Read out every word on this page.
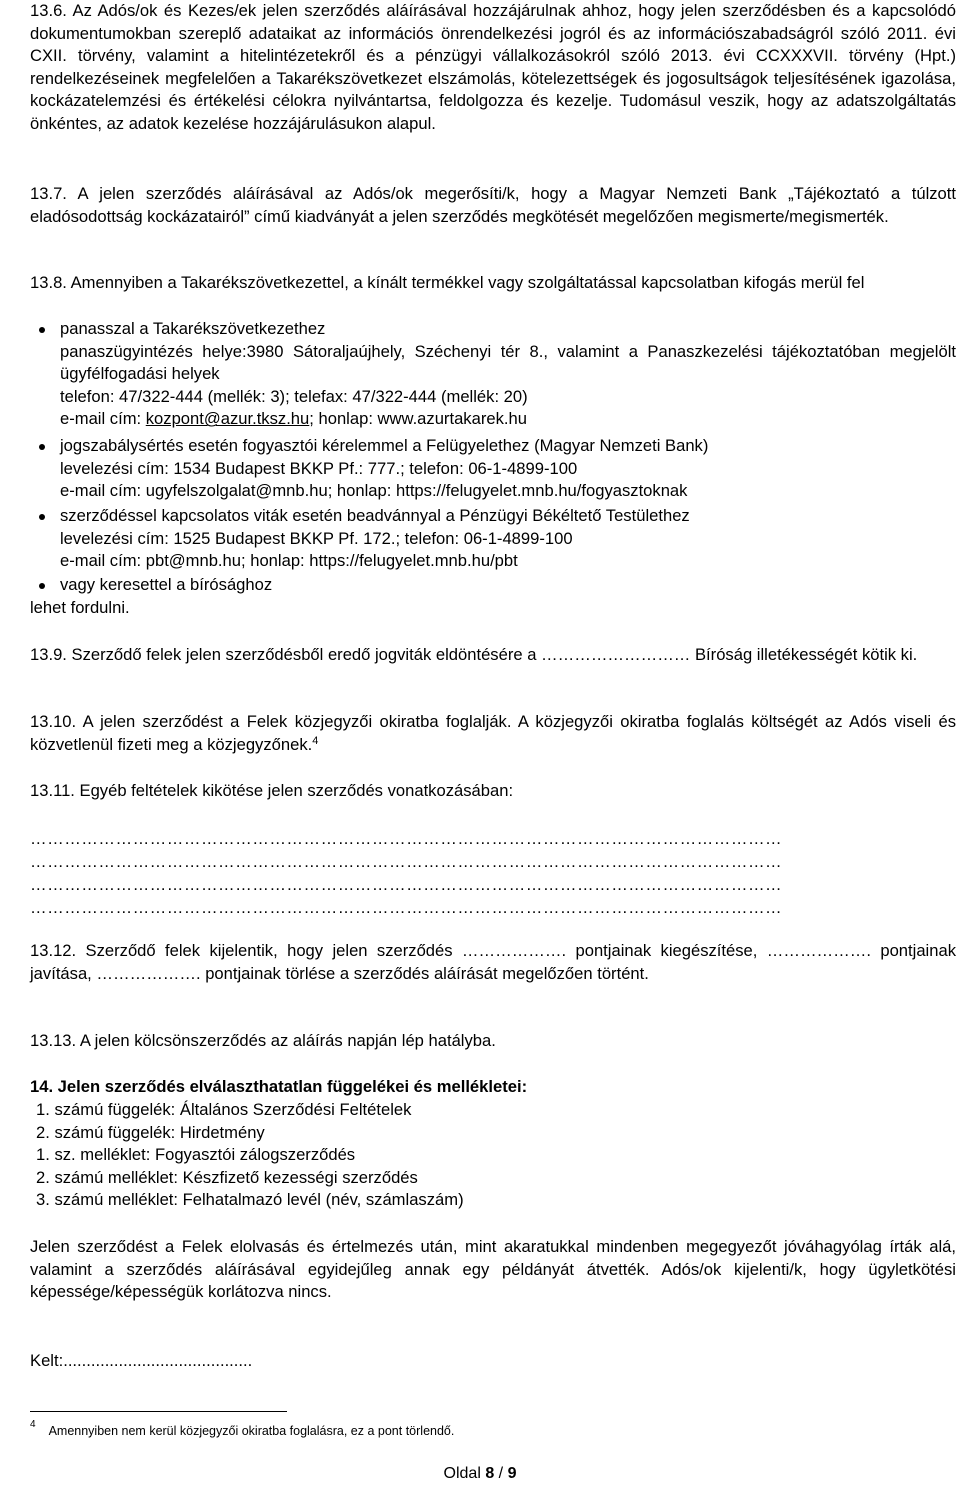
13.6. Az Adós/ok és Kezes/ek jelen szerződés aláírásával hozzájárulnak ahhoz, hogy jelen szerződésben és a kapcsolódó dokumentumokban szereplő adataikat az információs önrendelkezési jogról és az információszabadságról szóló 2011. évi CXII. törvény, valamint a hitelintézetekről és a pénzügyi vállalkozásokról szóló 2013. évi CCXXXVII. törvény (Hpt.) rendelkezéseinek megfelelően a Takarékszövetkezet elszámolás, kötelezettségek és jogosultságok teljesítésének igazolása, kockázatelemzési és értékelési célokra nyilvántartsa, feldolgozza és kezelje. Tudomásul veszik, hogy az adatszolgáltatás önkéntes, az adatok kezelése hozzájárulásukon alapul.

13.7. A jelen szerződés aláírásával az Adós/ok megerősíti/k, hogy a Magyar Nemzeti Bank „Tájékoztató a túlzott eladósodottság kockázatairól” című kiadványát a jelen szerződés megkötését megelőzően megismerte/megismerték.

13.8. Amennyiben a Takarékszövetkezettel, a kínált termékkel vagy szolgáltatással kapcsolatban kifogás merül fel

panasszal a Takarékszövetkezethez
panaszügyintézés helye:3980 Sátoraljaújhely, Széchenyi tér 8., valamint a Panaszkezelési tájékoztatóban megjelölt ügyfélfogadási helyek
telefon: 47/322-444 (mellék: 3); telefax: 47/322-444 (mellék: 20)
e-mail cím: kozpont@azur.tksz.hu; honlap: www.azurtakarek.hu
jogszabálysértés esetén fogyasztói kérelemmel a Felügyelethez (Magyar Nemzeti Bank)
levelezési cím: 1534 Budapest BKKP Pf.: 777.; telefon: 06-1-4899-100
e-mail cím: ugyfelszolgalat@mnb.hu; honlap: https://felugyelet.mnb.hu/fogyasztoknak
szerződéssel kapcsolatos viták esetén beadvánnyal a Pénzügyi Békéltető Testülethez
levelezési cím: 1525 Budapest BKKP Pf. 172.; telefon: 06-1-4899-100
e-mail cím: pbt@mnb.hu; honlap: https://felugyelet.mnb.hu/pbt
vagy keresettel a bírósághoz

lehet fordulni.

13.9. Szerződő felek jelen szerződésből eredő jogviták eldöntésére a ……………………… Bíróság illetékességét kötik ki.

13.10. A jelen szerződést a Felek közjegyzői okiratba foglalják. A közjegyzői okiratba foglalás költségét az Adós viseli és közvetlenül fizeti meg a közjegyzőnek.$^4$

13.11. Egyéb feltételek kikötése jelen szerződés vonatkozásában:

……………………………………………………………………………………………………………………
……………………………………………………………………………………………………………………
……………………………………………………………………………………………………………………
……………………………………………………………………………………………………………………

13.12. Szerződő felek kijelentik, hogy jelen szerződés ………………. pontjainak kiegészítése, ………………. pontjainak javítása, ………………. pontjainak törlése a szerződés aláírását megelőzően történt.

13.13. A jelen kölcsönszerződés az aláírás napján lép hatályba.

14. Jelen szerződés elválaszthatatlan függelékei és mellékletei:

1. számú függelék: Általános Szerződési Feltételek
2. számú függelék: Hirdetmény
1. sz. melléklet: Fogyasztói zálogszerződés
2. számú melléklet: Készfizető kezességi szerződés
3. számú melléklet: Felhatalmazó levél (név, számlaszám)

Jelen szerződést a Felek elolvasás és értelmezés után, mint akaratukkal mindenben megegyezőt jóváhagyólag írták alá, valamint a szerződés aláírásával egyidejűleg annak egy példányát átvették. Adós/ok kijelenti/k, hogy ügyletkötési képessége/képességük korlátozva nincs.

Kelt:.........................................

$^4$ Amennyiben nem kerül közjegyzői okiratba foglalásra, ez a pont törlendő.
Oldal 8 / 9
